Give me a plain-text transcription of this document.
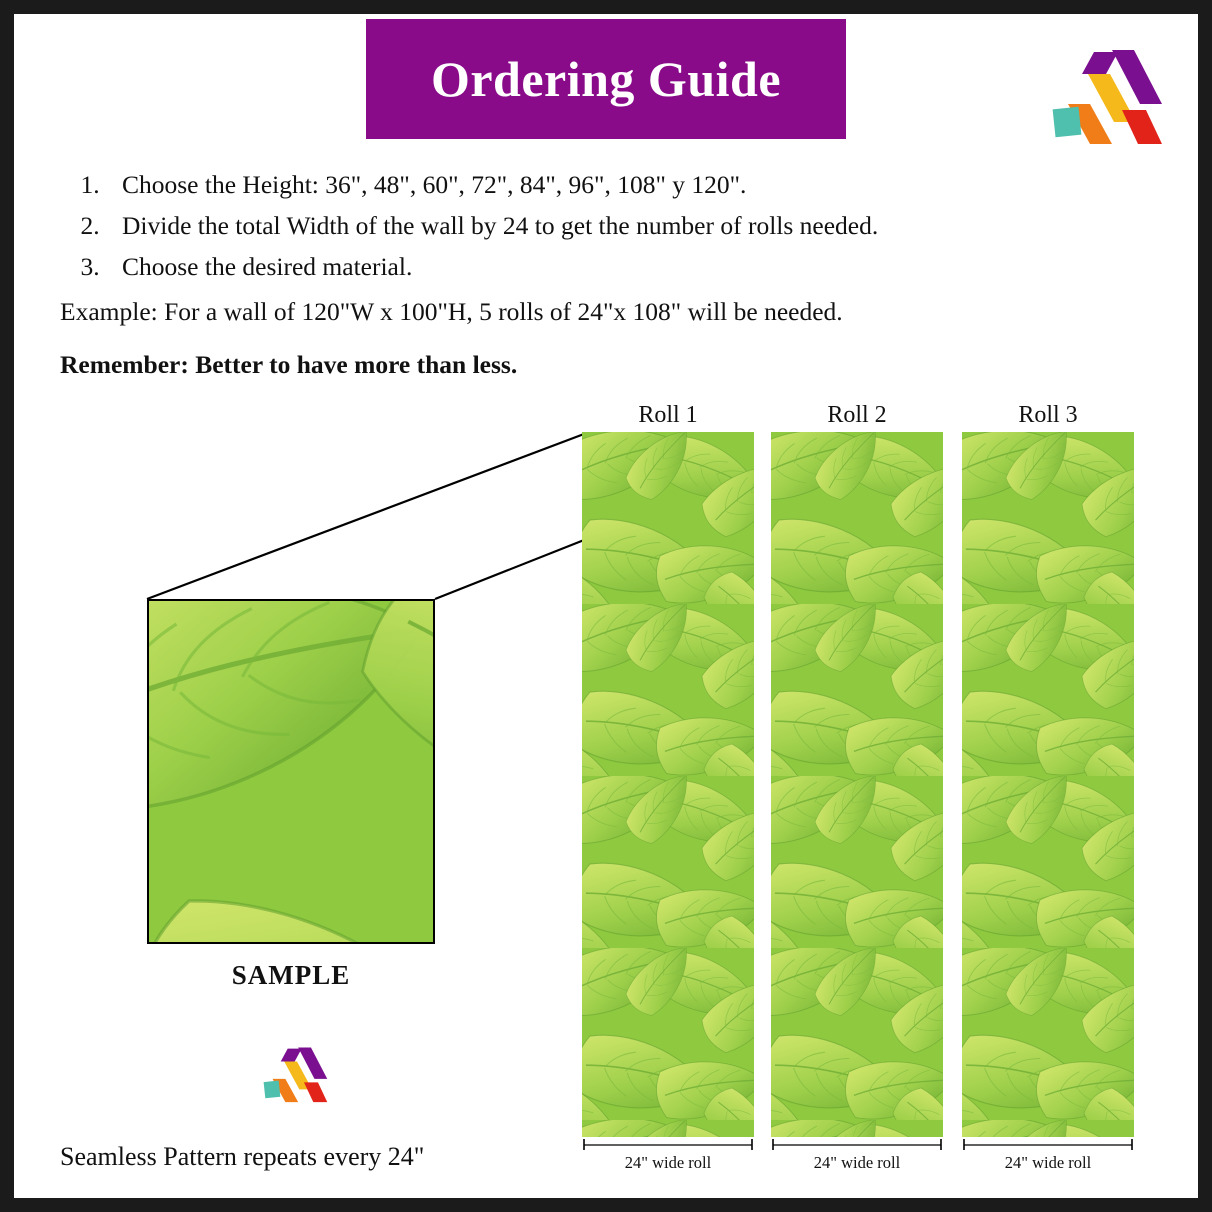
Ordering Guide
1. Choose the Height: 36", 48", 60", 72", 84", 96", 108" y 120".
2. Divide the total Width of the wall by 24 to get the number of rolls needed.
3. Choose the desired material.
Example: For a wall of 120"W x 100"H, 5 rolls of 24"x 108" will be needed.
Remember: Better to have more than less.
SAMPLE
Roll 1	Roll 2	Roll 3
24" wide roll	24" wide roll	24" wide roll
Seamless Pattern repeats every 24"
